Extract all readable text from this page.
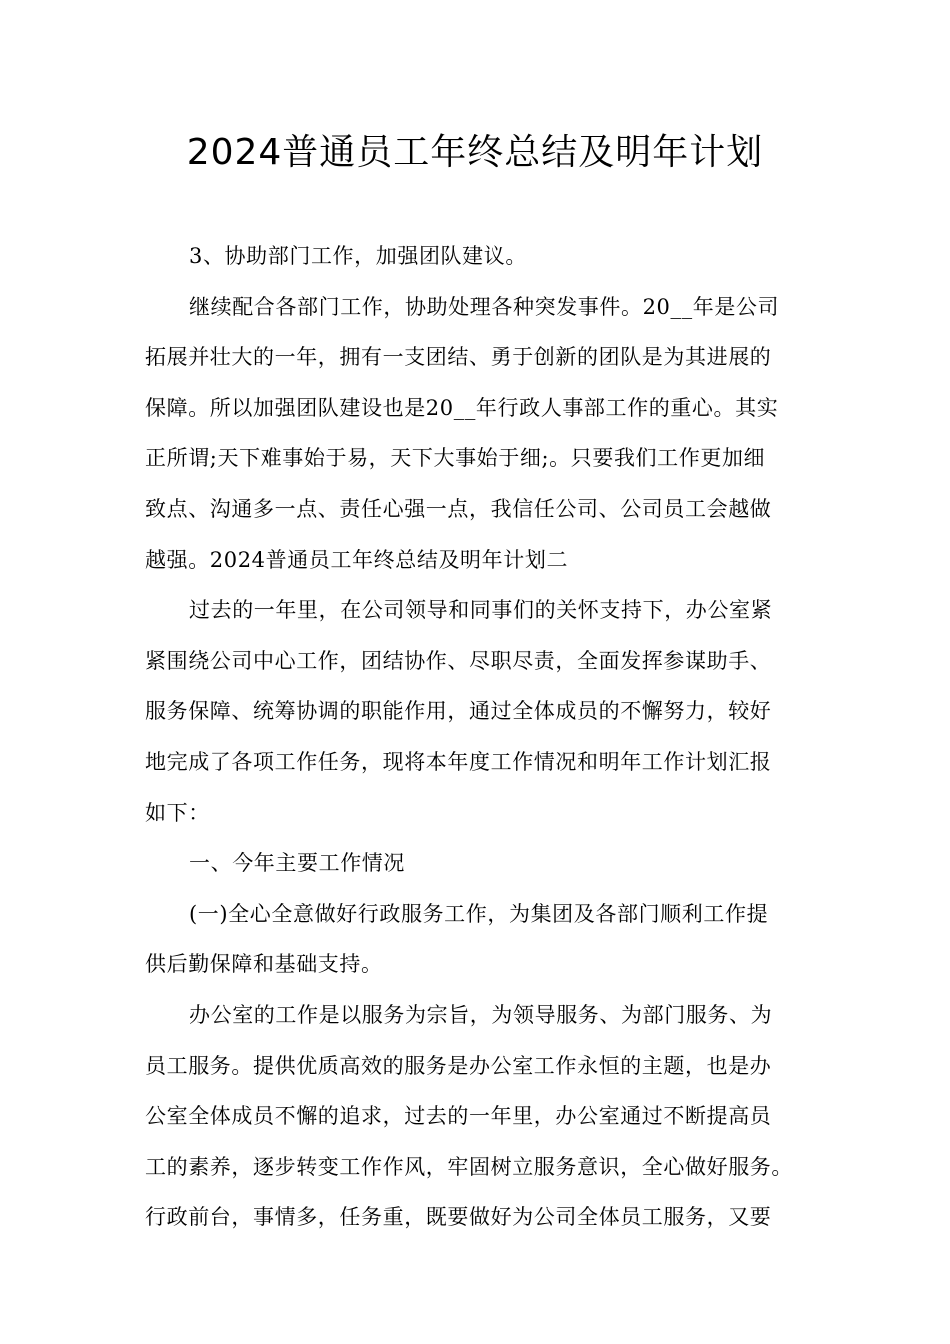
2024普通员工年终总结及明年计划
3、协助部门工作，加强团队建议。
继续配合各部门工作，协助处理各种突发事件。20__年是公司
拓展并壮大的一年，拥有一支团结、勇于创新的团队是为其进展的
保障。所以加强团队建设也是20__年行政人事部工作的重心。其实
正所谓;天下难事始于易，天下大事始于细;。只要我们工作更加细
致点、沟通多一点、责任心强一点，我信任公司、公司员工会越做
越强。2024普通员工年终总结及明年计划二
过去的一年里，在公司领导和同事们的关怀支持下，办公室紧
紧围绕公司中心工作，团结协作、尽职尽责，全面发挥参谋助手、
服务保障、统筹协调的职能作用，通过全体成员的不懈努力，较好
地完成了各项工作任务，现将本年度工作情况和明年工作计划汇报
如下：
一、今年主要工作情况
(一)全心全意做好行政服务工作，为集团及各部门顺利工作提
供后勤保障和基础支持。
办公室的工作是以服务为宗旨，为领导服务、为部门服务、为
员工服务。提供优质高效的服务是办公室工作永恒的主题，也是办
公室全体成员不懈的追求，过去的一年里，办公室通过不断提高员
工的素养，逐步转变工作作风，牢固树立服务意识，全心做好服务。
行政前台，事情多，任务重，既要做好为公司全体员工服务，又要
